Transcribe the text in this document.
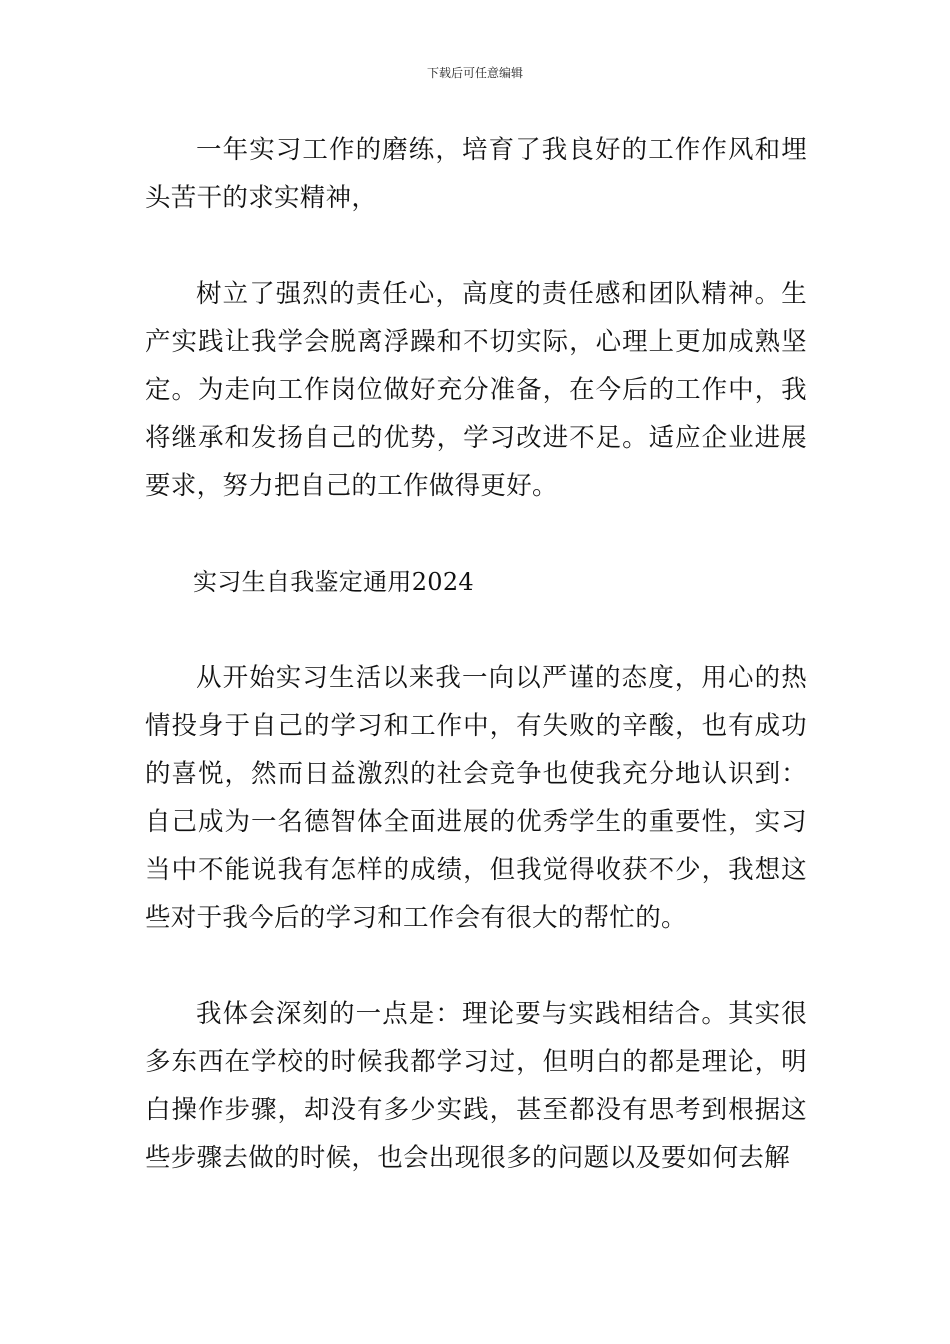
下载后可任意编辑

一年实习工作的磨练，培育了我良好的工作作风和埋头苦干的求实精神，

树立了强烈的责任心，高度的责任感和团队精神。生产实践让我学会脱离浮躁和不切实际，心理上更加成熟坚定。为走向工作岗位做好充分准备，在今后的工作中，我将继承和发扬自己的优势，学习改进不足。适应企业进展要求，努力把自己的工作做得更好。

实习生自我鉴定通用2024

从开始实习生活以来我一向以严谨的态度，用心的热情投身于自己的学习和工作中，有失败的辛酸，也有成功的喜悦，然而日益激烈的社会竞争也使我充分地认识到：自己成为一名德智体全面进展的优秀学生的重要性，实习当中不能说我有怎样的成绩，但我觉得收获不少，我想这些对于我今后的学习和工作会有很大的帮忙的。

我体会深刻的一点是：理论要与实践相结合。其实很多东西在学校的时候我都学习过，但明白的都是理论，明白操作步骤，却没有多少实践，甚至都没有思考到根据这些步骤去做的时候，也会出现很多的问题以及要如何去解
